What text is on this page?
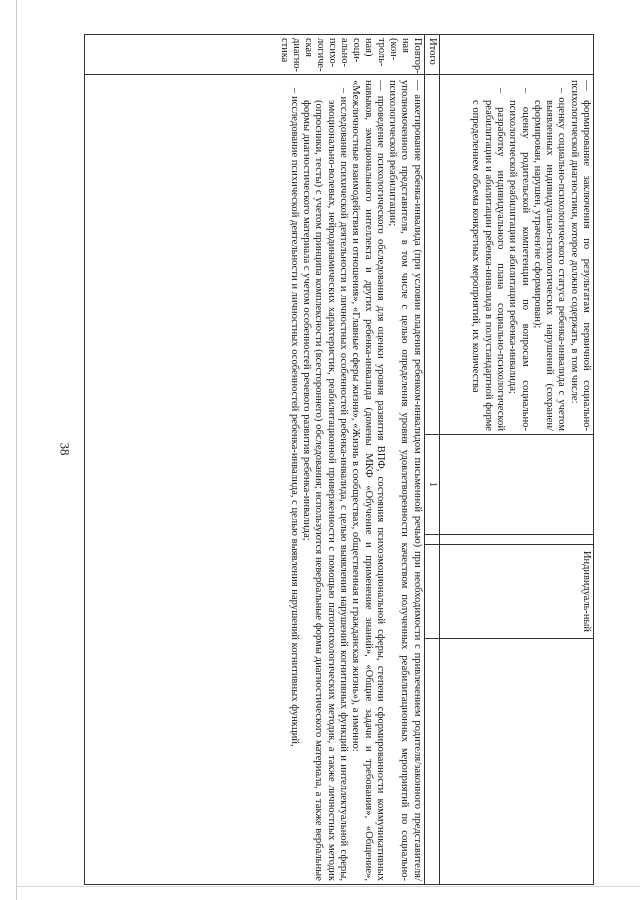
38

	— формирование заключения по результатам первичной социально-психологической диагностики, которое должно содержать, в том числе:

– оценку социально-психологического статуса ребенка-инвалида с учетом выявленных индивидуально-психологических нарушений (сохранен/сформирован, нарушен, утрачен/не сформирован);

– оценку родительской компетенции по вопросам социально-психологической реабилитации и абилитации ребенка-инвалида;

– разработку индивидуального плана социально-психологической реабилитации и абилитации ребенка-инвалида в полустандартной форме с определением объема конкретных мероприятий, их количества			Индивидуаль-ный	
Итого		1			
Повтор-ная (кон-троль-ная) соци-ально-психо-логиче-ская диагно-стика	— анкетирование ребенка-инвалида (при условии владения ребенком-инвалидом письменной речью) при необходимости с привлечением родителя/законного представителя/уполномоченного представителя, в том числе с целью определения уровня удовлетворенности качеством полученных реабилитационных мероприятий по социально-психологической реабилитации;

— проведение психологического обследования для оценки уровня развития ВПФ, состояния психоэмоциональной сферы, степени сформированности коммуникативных навыков, эмоционального интеллекта и других ребенка-инвалида (домены МКФ «Обучение и применение знаний», «Общие задачи и требования», «Общение», «Межличностные взаимодействия и отношения», «Главные сферы жизни», «Жизнь в сообществах, общественная и гражданская жизнь»), а именно:

– исследование психической деятельности и личностных особенностей ребенка-инвалида, с целью выявления нарушений когнитивных функций и интеллектуальной сферы, эмоционально-волевых, нейродинамических характеристик, реабилитационной приверженности с помощью патопсихологических методик, а также личностных методик (опросники, тесты) с учетом принципа комплексности (всестороннего) обследования; используются невербальные формы диагностического материала, а также вербальные формы диагностического материала с учетом особенностей речевого развития ребенка-инвалида;

– исследование психической деятельности и личностных особенностей ребенка-инвалида, с целью выявления нарушений когнитивных функций,				
